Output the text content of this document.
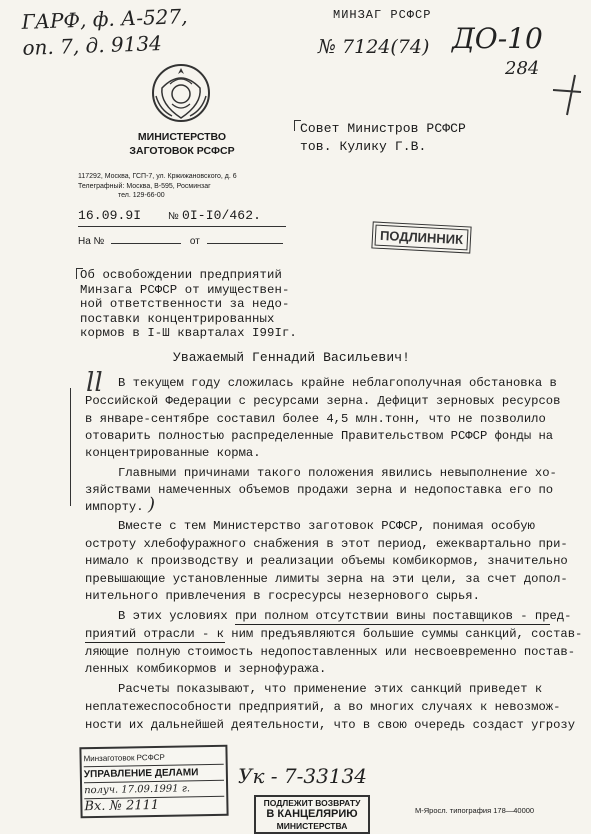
ГАРФ, ф. А-527,
оп. 7, д. 9134
МИНЗАГ РСФСР
№ 7124(74) ДО-10
284
МИНИСТЕРСТВО
ЗАГОТОВОК РСФСР
117292, Москва, ГСП-7, ул. Кржижановского, д. 6
Телеграфный: Москва, В-595, Росминзаг
тел. 129-66-00
16.09.9I	№ 0I-I0/462.
На №	от	ПОДЛИННИК
Совет Министров РСФСР
тов. Кулику Г.В.
Об освобождении предприятий
Минзага РСФСР от имуществен-
ной ответственности за недо-
поставки концентрированных
кормов в I-Ш кварталах I99Iг.
Уважаемый Геннадий Васильевич!
ll В текущем году сложилась крайне неблагополучная обстановка в
Российской Федерации с ресурсами зерна. Дефицит зерновых ресурсов
в январе-сентябре составил более 4,5 млн.тонн, что не позволило
отоварить полностью распределенные Правительством РСФСР фонды на
концентрированные корма.
Главными причинами такого положения явились невыполнение хо-
зяйствами намеченных объемов продажи зерна и недопоставка его по
импорту. )
Вместе с тем Министерство заготовок РСФСР, понимая особую
остроту хлебофуражного снабжения в этот период, ежеквартально при-
нимало к производству и реализации объемы комбикормов, значительно
превышающие установленные лимиты зерна на эти цели, за счет допол-
нительного привлечения в госресурсы незернового сырья.
В этих условиях при полном отсутствии вины поставщиков - пред-
приятий отрасли - к ним предъявляются большие суммы санкций, состав-
ляющие полную стоимость недопоставленных или несвоевременно постав-
ленных комбикормов и зернофуража.
Расчеты показывают, что применение этих санкций приведет к
неплатежеспособности предприятий, а во многих случаях к невозмож-
ности их дальнейшей деятельности, что в свою очередь создаст угрозу
Минзаготовок РСФСР
УПРАВЛЕНИЕ ДЕЛАМИ
получ. 17.09.1991 г.
Вх. № 2111
Ук - 7-33134
ПОДЛЕЖИТ ВОЗВРАТУ
В КАНЦЕЛЯРИЮ
МИНИСТЕРСТВА
М-Яросл. типография 178—40000
